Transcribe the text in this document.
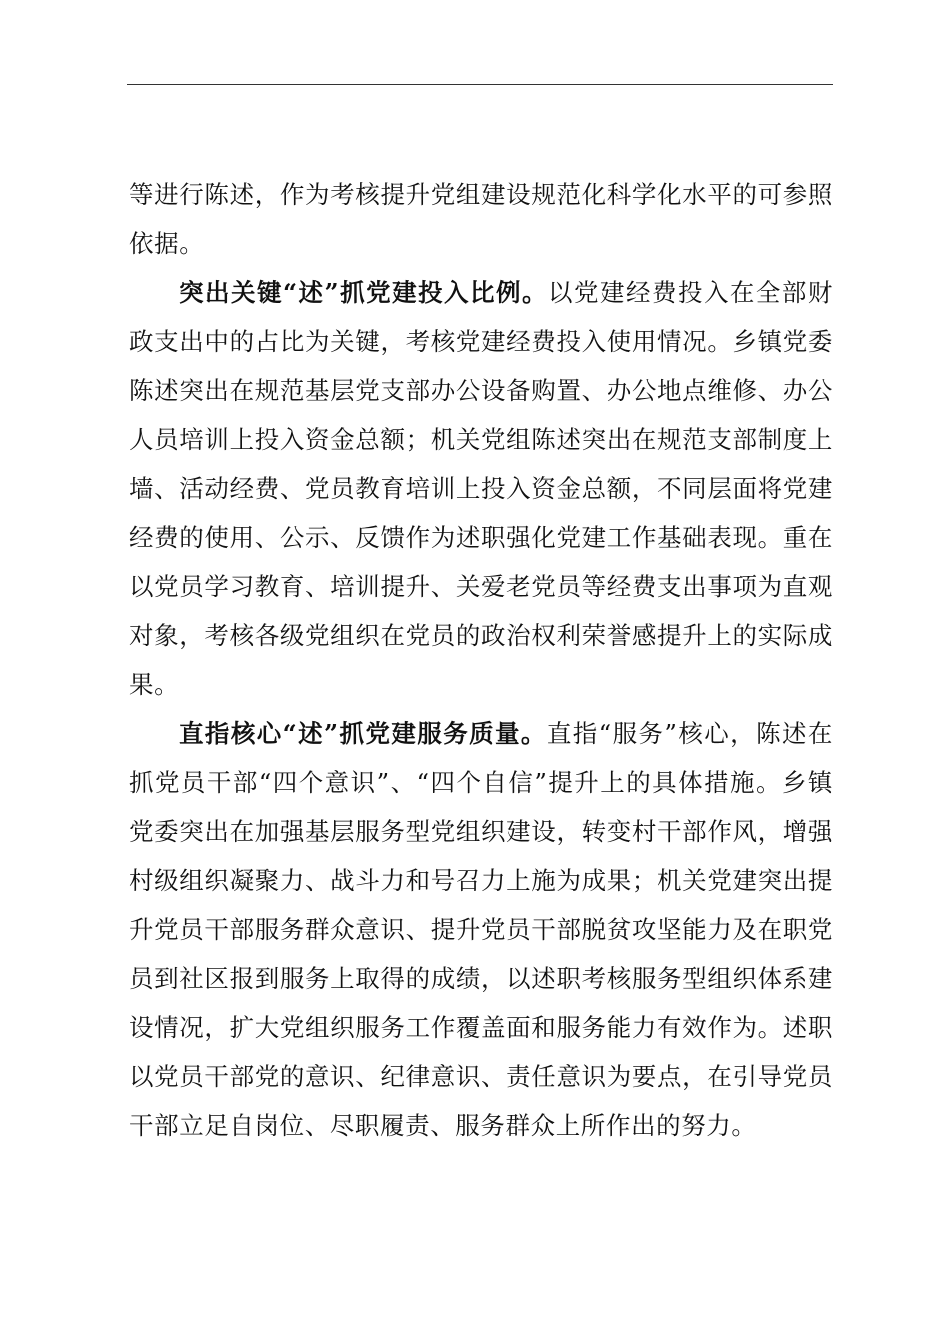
等进行陈述，作为考核提升党组建设规范化科学化水平的可参照依据。

突出关键“述”抓党建投入比例。以党建经费投入在全部财政支出中的占比为关键，考核党建经费投入使用情况。乡镇党委陈述突出在规范基层党支部办公设备购置、办公地点维修、办公人员培训上投入资金总额；机关党组陈述突出在规范支部制度上墙、活动经费、党员教育培训上投入资金总额，不同层面将党建经费的使用、公示、反馈作为述职强化党建工作基础表现。重在以党员学习教育、培训提升、关爱老党员等经费支出事项为直观对象，考核各级党组织在党员的政治权利荣誉感提升上的实际成果。

直指核心“述”抓党建服务质量。直指“服务”核心，陈述在抓党员干部“四个意识”、“四个自信”提升上的具体措施。乡镇党委突出在加强基层服务型党组织建设，转变村干部作风，增强村级组织凝聚力、战斗力和号召力上施为成果；机关党建突出提升党员干部服务群众意识、提升党员干部脱贫攻坚能力及在职党员到社区报到服务上取得的成绩，以述职考核服务型组织体系建设情况，扩大党组织服务工作覆盖面和服务能力有效作为。述职以党员干部党的意识、纪律意识、责任意识为要点，在引导党员干部立足自岗位、尽职履责、服务群众上所作出的努力。
